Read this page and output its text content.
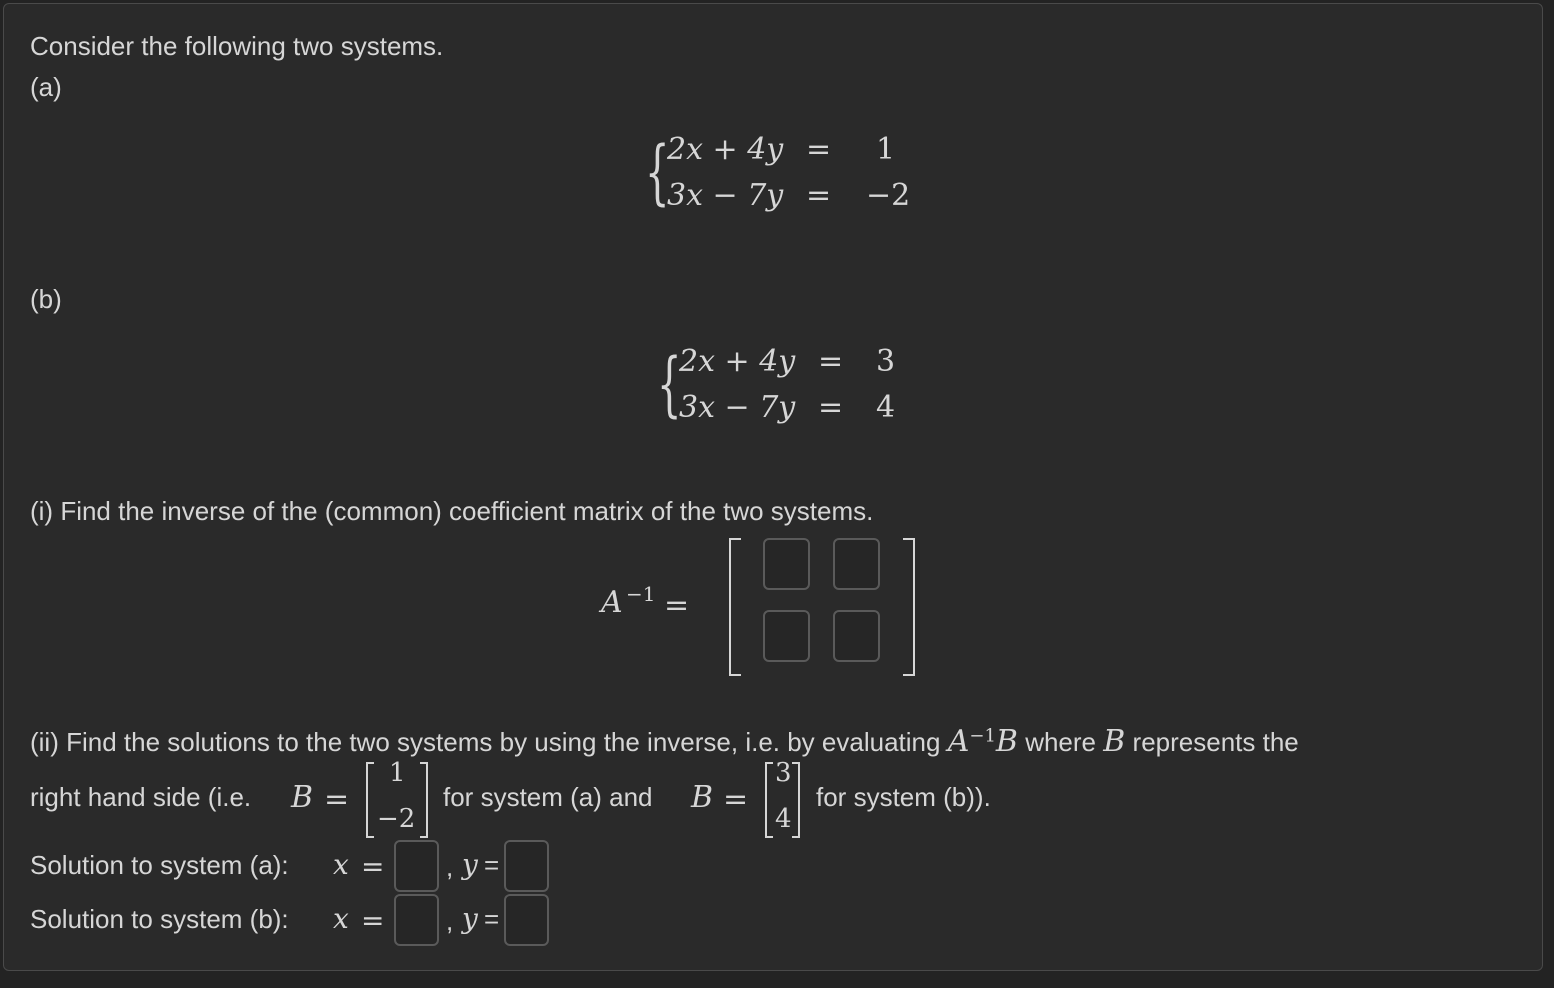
Consider the following two systems.
(a)
{
2x + 4y = 1
3x − 7y = −2
(b)
{
2x + 4y = 3
3x − 7y = 4
(i) Find the inverse of the (common) coefficient matrix of the two systems.
A −1 =
(ii) Find the solutions to the two systems by using the inverse, i.e. by evaluating $A^{-1}B$ where B represents the
right hand side (i.e. B =
1
−2
for system (a) and B =
3
4
for system (b)).
Solution to system (a): x = , y =
Solution to system (b): x = , y =
